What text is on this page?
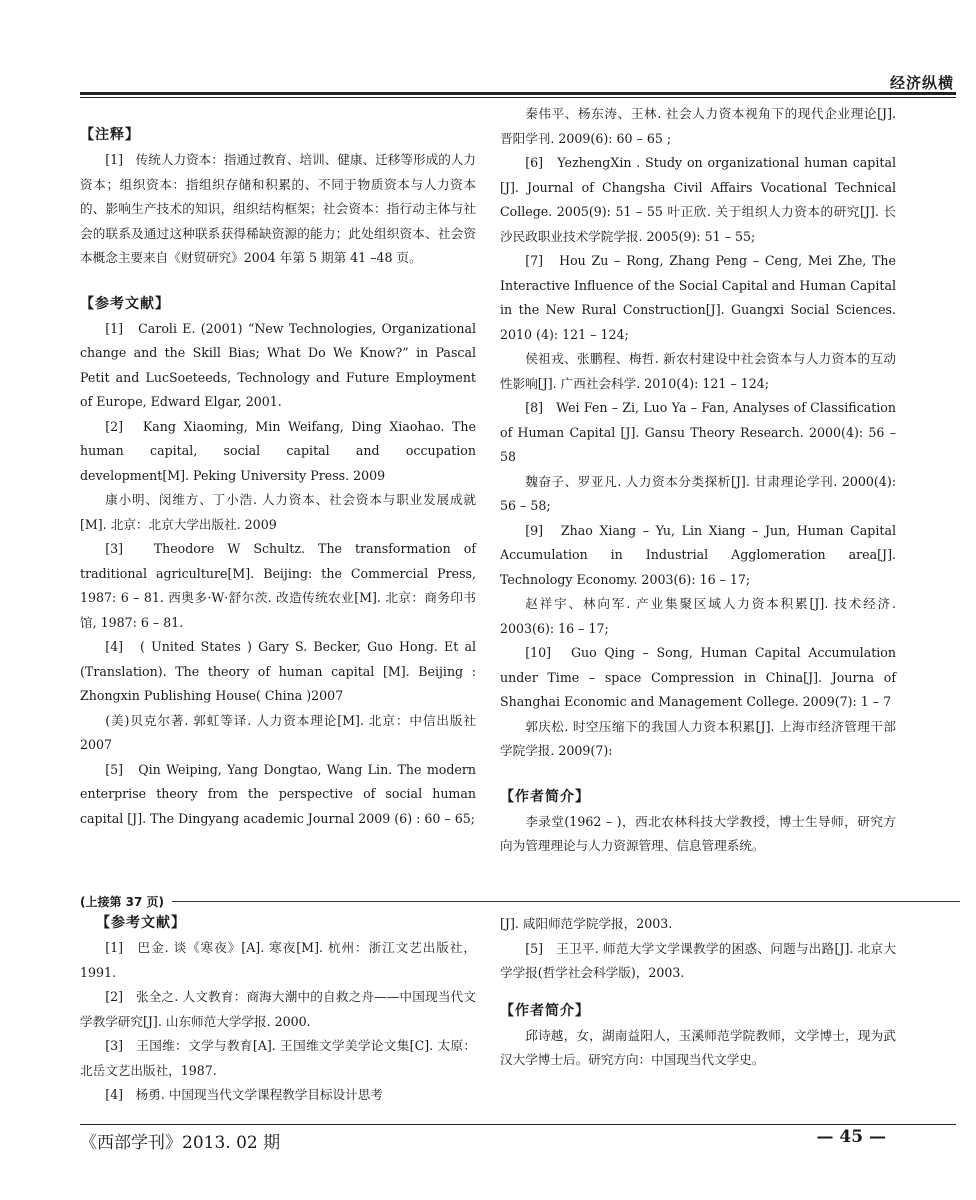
经济纵横
【注释】

[1]　传统人力资本：指通过教育、培训、健康、迁移等形成的人力资本；组织资本：指组织存储和积累的、不同于物质资本与人力资本的、影响生产技术的知识，组织结构框架；社会资本：指行动主体与社会的联系及通过这种联系获得稀缺资源的能力；此处组织资本、社会资本概念主要来自《财贸研究》2004 年第 5 期第 41 –48 页。

【参考文献】

[1]　Caroli E. (2001) “New Technologies, Organizational change and the Skill Bias; What Do We Know?” in Pascal Petit and LucSoeteeds, Technology and Future Employment of Europe, Edward Elgar, 2001.

[2]　Kang Xiaoming, Min Weifang, Ding Xiaohao. The human capital, social capital and occupation development[M]. Peking University Press. 2009

康小明、闵维方、丁小浩. 人力资本、社会资本与职业发展成就[M]. 北京：北京大学出版社. 2009

[3]　Theodore W Schultz. The transformation of traditional agriculture[M]. Beijing: the Commercial Press, 1987: 6 – 81. 西奥多·W·舒尔茨. 改造传统农业[M]. 北京：商务印书馆, 1987: 6 – 81.

[4]　( United States ) Gary S. Becker, Guo Hong. Et al (Translation). The theory of human capital [M]. Beijing : Zhongxin Publishing House( China )2007

(美)贝克尔著. 郭虹等译. 人力资本理论[M]. 北京：中信出版社 2007

[5]　Qin Weiping, Yang Dongtao, Wang Lin. The modern enterprise theory from the perspective of social human capital [J]. The Dingyang academic Journal 2009 (6) : 60 – 65;

秦伟平、杨东涛、王林. 社会人力资本视角下的现代企业理论[J]. 晋阳学刊. 2009(6): 60 – 65 ;

[6]　YezhengXin . Study on organizational human capital [J]. Journal of Changsha Civil Affairs Vocational Technical College. 2005(9): 51 – 55 叶正欣. 关于组织人力资本的研究[J]. 长沙民政职业技术学院学报. 2005(9): 51 – 55;

[7]　Hou Zu – Rong, Zhang Peng – Ceng, Mei Zhe, The Interactive Influence of the Social Capital and Human Capital in the New Rural Construction[J]. Guangxi Social Sciences. 2010 (4): 121 – 124;

侯祖戎、张鹏程、梅哲. 新农村建设中社会资本与人力资本的互动性影响[J]. 广西社会科学. 2010(4): 121 – 124;

[8]　Wei Fen – Zi, Luo Ya – Fan, Analyses of Classification of Human Capital [J]. Gansu Theory Research. 2000(4): 56 – 58

魏奋子、罗亚凡. 人力资本分类探析[J]. 甘肃理论学刊. 2000(4): 56 – 58;

[9]　Zhao Xiang – Yu, Lin Xiang – Jun, Human Capital Accumulation in Industrial Agglomeration area[J]. Technology Economy. 2003(6): 16 – 17;

赵祥宇、林向军. 产业集聚区域人力资本积累[J]. 技术经济. 2003(6): 16 – 17;

[10]　Guo Qing – Song, Human Capital Accumulation under Time – space Compression in China[J]. Journa of Shanghai Economic and Management College. 2009(7): 1 – 7

郭庆松. 时空压缩下的我国人力资本积累[J]. 上海市经济管理干部学院学报. 2009(7):

【作者简介】

李录堂(1962 – )，西北农林科技大学教授，博士生导师，研究方向为管理理论与人力资源管理、信息管理系统。

(上接第 37 页)
【参考文献】

[1]　巴金. 谈《寒夜》[A]. 寒夜[M]. 杭州：浙江文艺出版社，1991.

[2]　张全之. 人文教育：商海大潮中的自救之舟——中国现当代文学教学研究[J]. 山东师范大学学报. 2000.

[3]　王国维：文学与教育[A]. 王国维文学美学论文集[C]. 太原：北岳文艺出版社，1987.

[4]　杨勇. 中国现当代文学课程教学目标设计思考

[J]. 咸阳师范学院学报，2003.

[5]　王卫平. 师范大学文学课教学的困惑、问题与出路[J]. 北京大学学报(哲学社会科学版)，2003.

【作者简介】

邱诗越，女，湖南益阳人，玉溪师范学院教师，文学博士，现为武汉大学博士后。研究方向：中国现当代文学史。

《西部学刊》2013. 02 期	— 45 —
